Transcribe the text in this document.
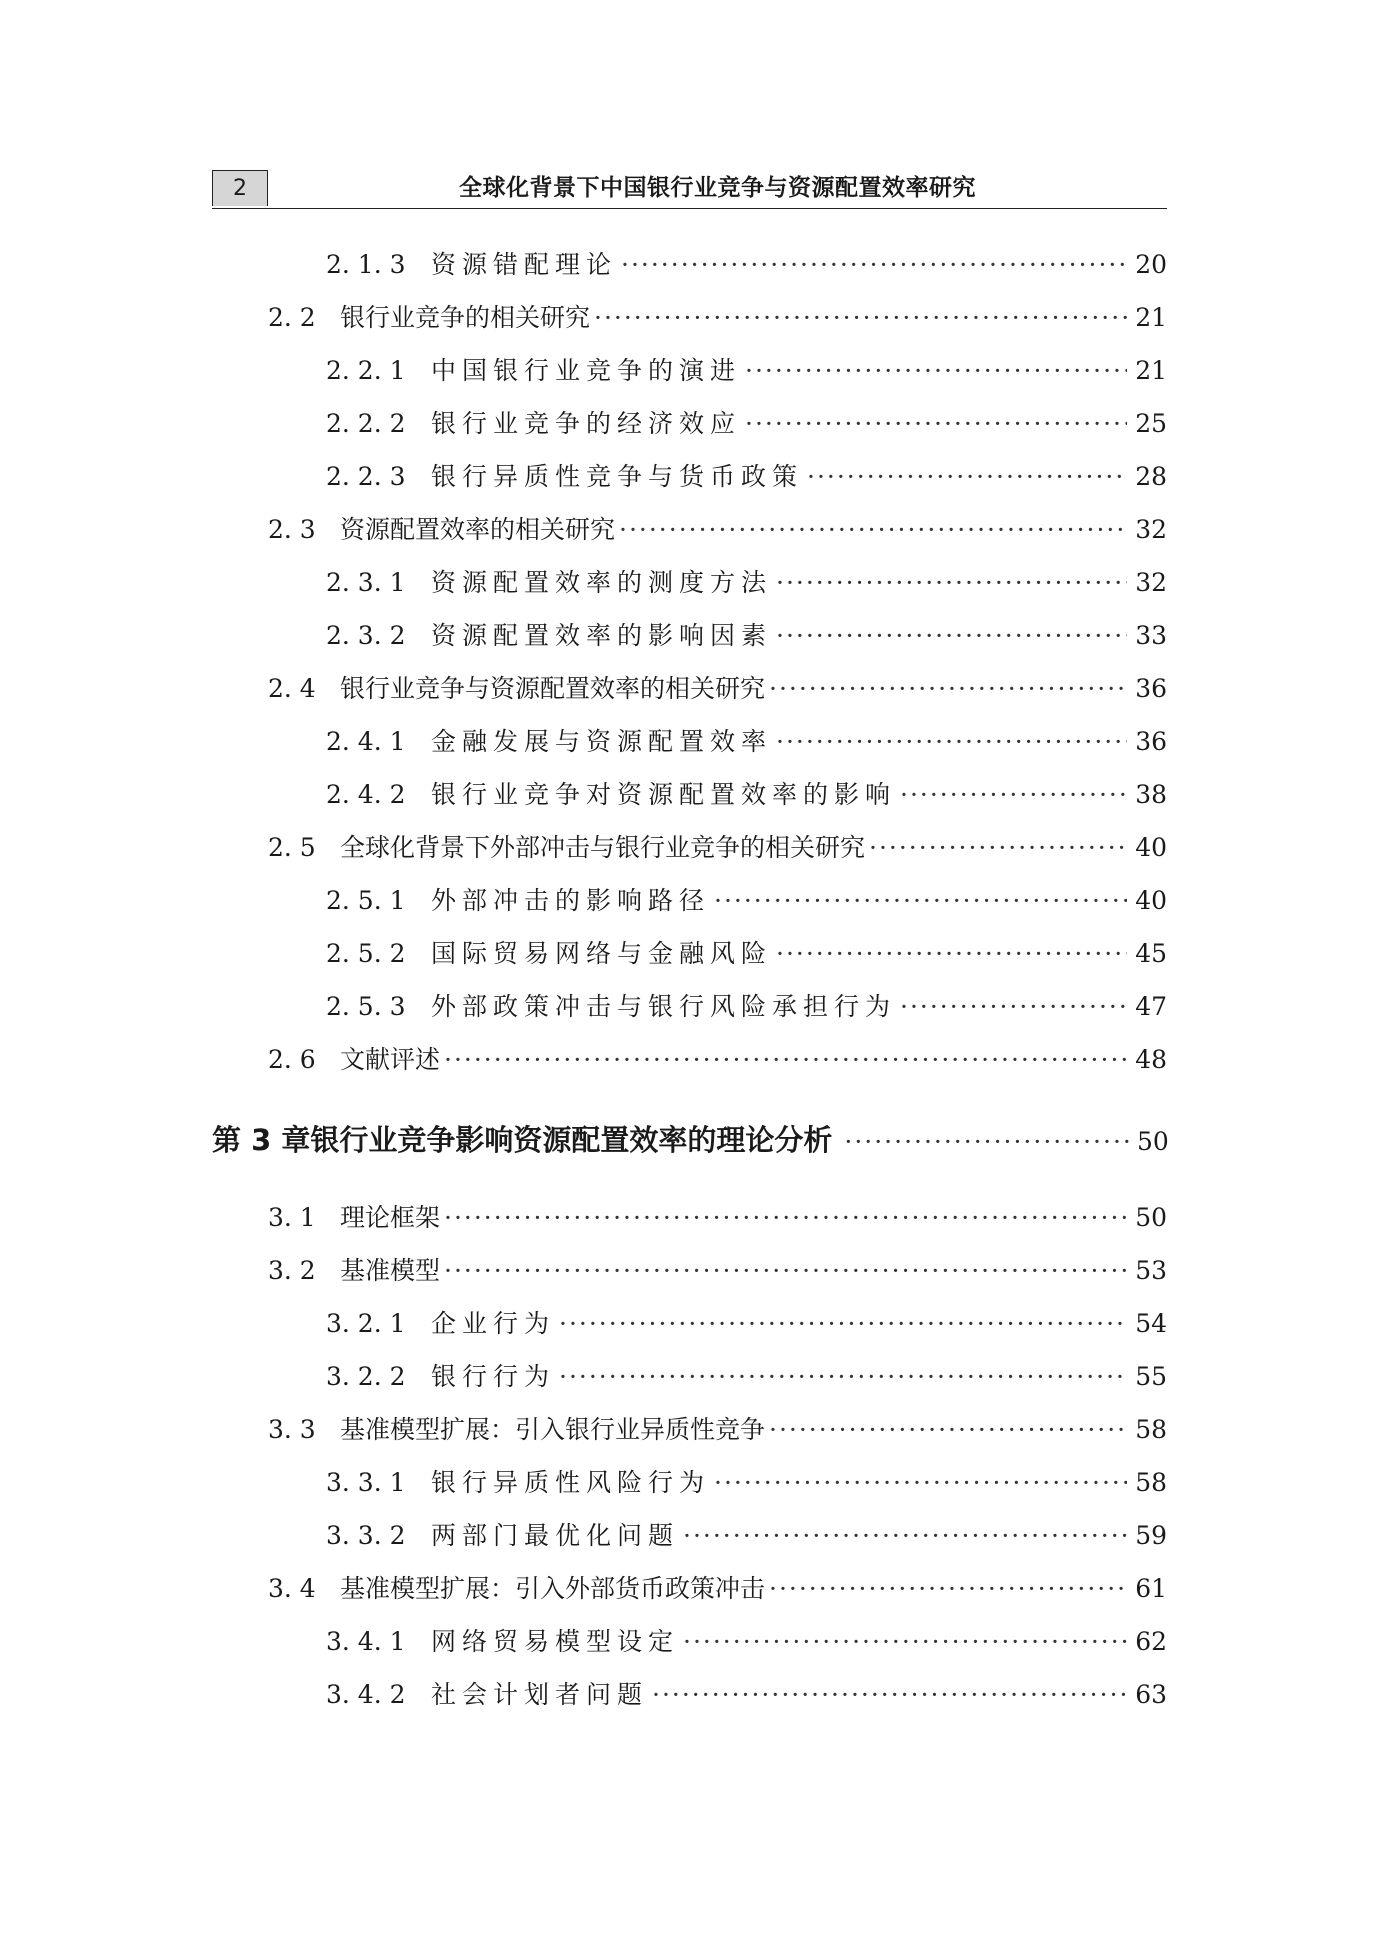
2	全球化背景下中国银行业竞争与资源配置效率研究
2. 1. 3	资源错配理论 ·····	20
2. 2 银行业竞争的相关研究 ·····	21
2. 2. 1	中国银行业竞争的演进 ·····	21
2. 2. 2	银行业竞争的经济效应 ·····	25
2. 2. 3	银行异质性竞争与货币政策 ·····	28
2. 3 资源配置效率的相关研究 ·····	32
2. 3. 1	资源配置效率的测度方法 ·····	32
2. 3. 2	资源配置效率的影响因素 ·····	33
2. 4 银行业竞争与资源配置效率的相关研究 ·····	36
2. 4. 1	金融发展与资源配置效率 ·····	36
2. 4. 2	银行业竞争对资源配置效率的影响 ·····	38
2. 5 全球化背景下外部冲击与银行业竞争的相关研究 ·····	40
2. 5. 1	外部冲击的影响路径 ·····	40
2. 5. 2	国际贸易网络与金融风险 ·····	45
2. 5. 3	外部政策冲击与银行风险承担行为 ·····	47
2. 6 文献评述 ·····	48
第 3 章 银行业竞争影响资源配置效率的理论分析 ·····	50
3. 1 理论框架 ·····	50
3. 2 基准模型 ·····	53
3. 2. 1	企业行为 ·····	54
3. 2. 2	银行行为 ·····	55
3. 3 基准模型扩展：引入银行业异质性竞争 ·····	58
3. 3. 1	银行异质性风险行为 ·····	58
3. 3. 2	两部门最优化问题 ·····	59
3. 4 基准模型扩展：引入外部货币政策冲击 ·····	61
3. 4. 1	网络贸易模型设定 ·····	62
3. 4. 2	社会计划者问题 ·····	63
